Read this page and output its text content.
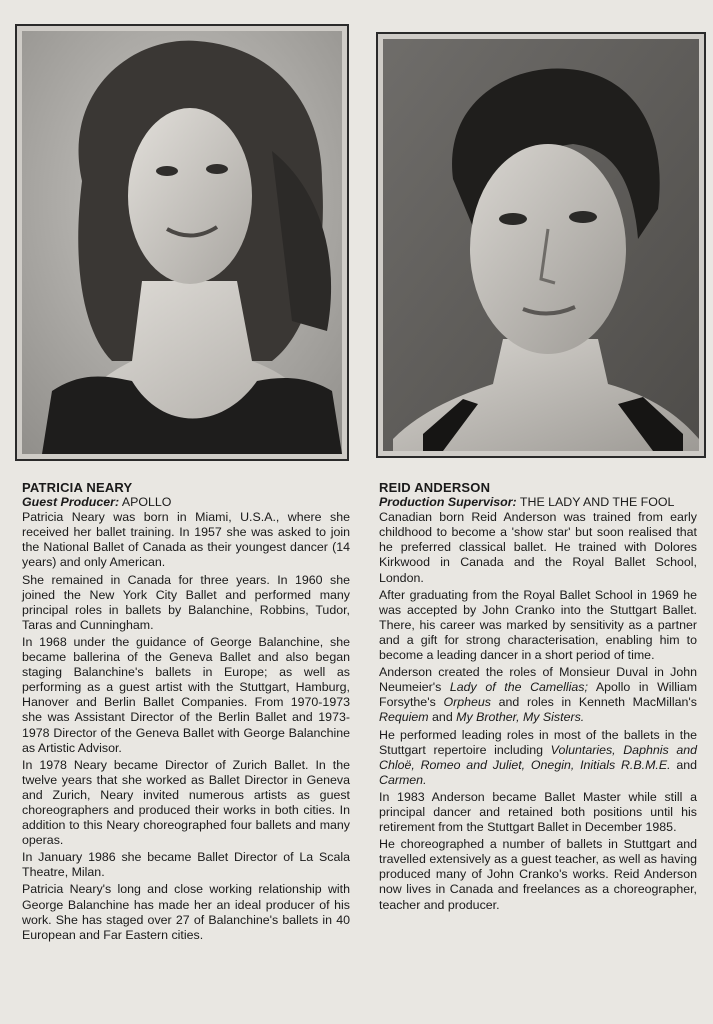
PATRICIA NEARY

Guest Producer: APOLLO

Patricia Neary was born in Miami, U.S.A., where she received her ballet training. In 1957 she was asked to join the National Ballet of Canada as their youngest dancer (14 years) and only American.

She remained in Canada for three years. In 1960 she joined the New York City Ballet and performed many principal roles in ballets by Balanchine, Robbins, Tudor, Taras and Cunningham.

In 1968 under the guidance of George Balanchine, she became ballerina of the Geneva Ballet and also began staging Balanchine's ballets in Europe; as well as performing as a guest artist with the Stuttgart, Hamburg, Hanover and Berlin Ballet Companies. From 1970-1973 she was Assistant Director of the Berlin Ballet and 1973-1978 Director of the Geneva Ballet with George Balanchine as Artistic Advisor.

In 1978 Neary became Director of Zurich Ballet. In the twelve years that she worked as Ballet Director in Geneva and Zurich, Neary invited numerous artists as guest choreographers and produced their works in both cities. In addition to this Neary choreographed four ballets and many operas.

In January 1986 she became Ballet Director of La Scala Theatre, Milan.

Patricia Neary's long and close working relationship with George Balanchine has made her an ideal producer of his work. She has staged over 27 of Balanchine's ballets in 40 European and Far Eastern cities.

REID ANDERSON

Production Supervisor: THE LADY AND THE FOOL

Canadian born Reid Anderson was trained from early childhood to become a 'show star' but soon realised that he preferred classical ballet. He trained with Dolores Kirkwood in Canada and the Royal Ballet School, London.

After graduating from the Royal Ballet School in 1969 he was accepted by John Cranko into the Stuttgart Ballet. There, his career was marked by sensitivity as a partner and a gift for strong characterisation, enabling him to become a leading dancer in a short period of time.

Anderson created the roles of Monsieur Duval in John Neumeier's Lady of the Camellias; Apollo in William Forsythe's Orpheus and roles in Kenneth MacMillan's Requiem and My Brother, My Sisters.

He performed leading roles in most of the ballets in the Stuttgart repertoire including Voluntaries, Daphnis and Chloë, Romeo and Juliet, Onegin, Initials R.B.M.E. and Carmen.

In 1983 Anderson became Ballet Master while still a principal dancer and retained both positions until his retirement from the Stuttgart Ballet in December 1985.

He choreographed a number of ballets in Stuttgart and travelled extensively as a guest teacher, as well as having produced many of John Cranko's works. Reid Anderson now lives in Canada and freelances as a choreographer, teacher and producer.
